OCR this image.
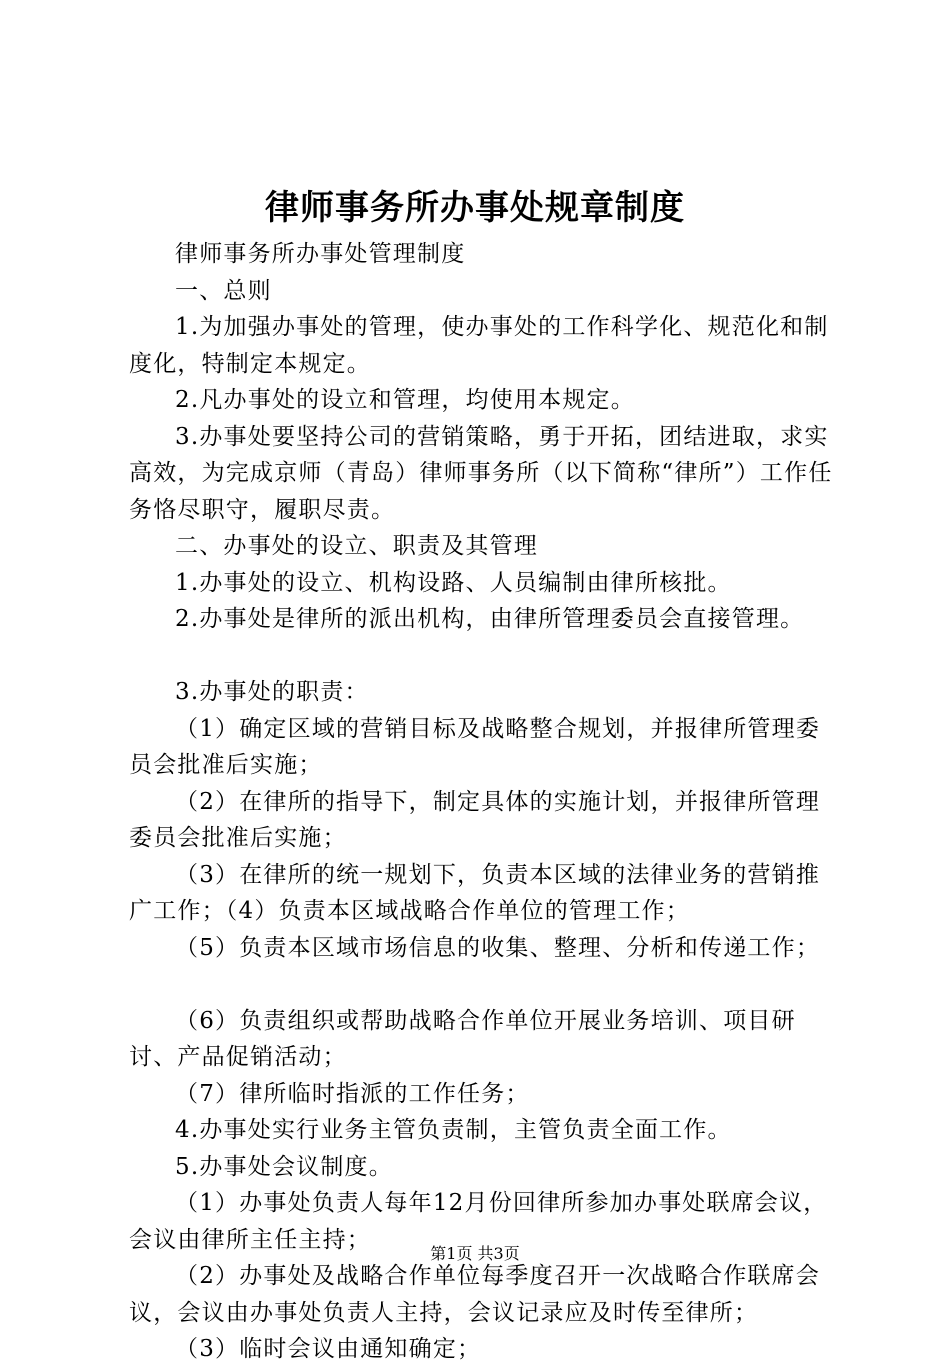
律师事务所办事处规章制度

律师事务所办事处管理制度

一、总则

1.为加强办事处的管理，使办事处的工作科学化、规范化和制度化，特制定本规定。

2.凡办事处的设立和管理，均使用本规定。

3.办事处要坚持公司的营销策略，勇于开拓，团结进取，求实高效，为完成京师（青岛）律师事务所（以下简称“律所”）工作任务恪尽职守，履职尽责。

二、办事处的设立、职责及其管理

1.办事处的设立、机构设路、人员编制由律所核批。

2.办事处是律所的派出机构，由律所管理委员会直接管理。

3.办事处的职责：

（1）确定区域的营销目标及战略整合规划，并报律所管理委员会批准后实施；

（2）在律所的指导下，制定具体的实施计划，并报律所管理委员会批准后实施；

（3）在律所的统一规划下，负责本区域的法律业务的营销推广工作；（4）负责本区域战略合作单位的管理工作；

（5）负责本区域市场信息的收集、整理、分析和传递工作；

（6）负责组织或帮助战略合作单位开展业务培训、项目研讨、产品促销活动；

（7）律所临时指派的工作任务；

4.办事处实行业务主管负责制，主管负责全面工作。

5.办事处会议制度。

（1）办事处负责人每年12月份回律所参加办事处联席会议，会议由律所主任主持；

（2）办事处及战略合作单位每季度召开一次战略合作联席会议，会议由办事处负责人主持，会议记录应及时传至律所；

（3）临时会议由通知确定；

第1页 共3页
